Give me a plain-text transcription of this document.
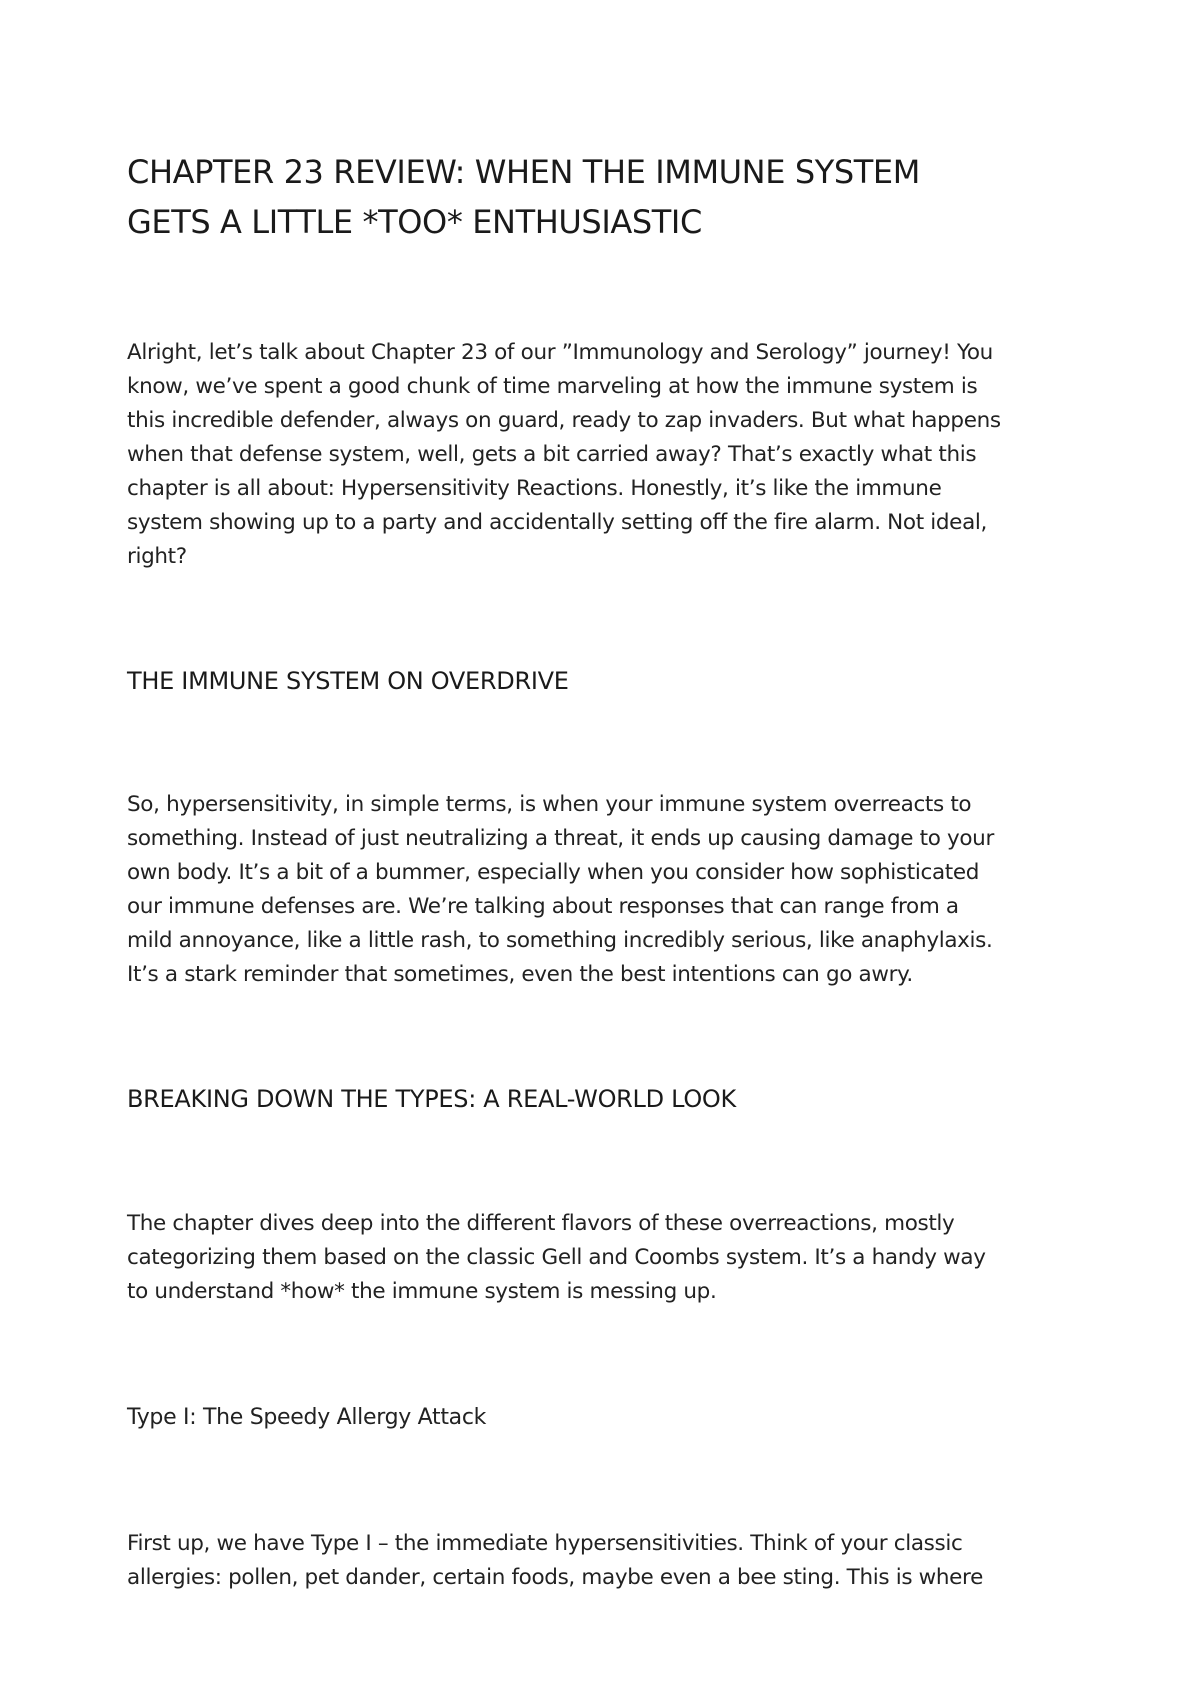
CHAPTER 23 REVIEW: WHEN THE IMMUNE SYSTEM
GETS A LITTLE *TOO* ENTHUSIASTIC

Alright, let’s talk about Chapter 23 of our ”Immunology and Serology” journey! You
know, we’ve spent a good chunk of time marveling at how the immune system is
this incredible defender, always on guard, ready to zap invaders. But what happens
when that defense system, well, gets a bit carried away? That’s exactly what this
chapter is all about: Hypersensitivity Reactions. Honestly, it’s like the immune
system showing up to a party and accidentally setting off the fire alarm. Not ideal,
right?

THE IMMUNE SYSTEM ON OVERDRIVE

So, hypersensitivity, in simple terms, is when your immune system overreacts to
something. Instead of just neutralizing a threat, it ends up causing damage to your
own body. It’s a bit of a bummer, especially when you consider how sophisticated
our immune defenses are. We’re talking about responses that can range from a
mild annoyance, like a little rash, to something incredibly serious, like anaphylaxis.
It’s a stark reminder that sometimes, even the best intentions can go awry.

BREAKING DOWN THE TYPES: A REAL-WORLD LOOK

The chapter dives deep into the different flavors of these overreactions, mostly
categorizing them based on the classic Gell and Coombs system. It’s a handy way
to understand *how* the immune system is messing up.

Type I: The Speedy Allergy Attack

First up, we have Type I – the immediate hypersensitivities. Think of your classic
allergies: pollen, pet dander, certain foods, maybe even a bee sting. This is where
